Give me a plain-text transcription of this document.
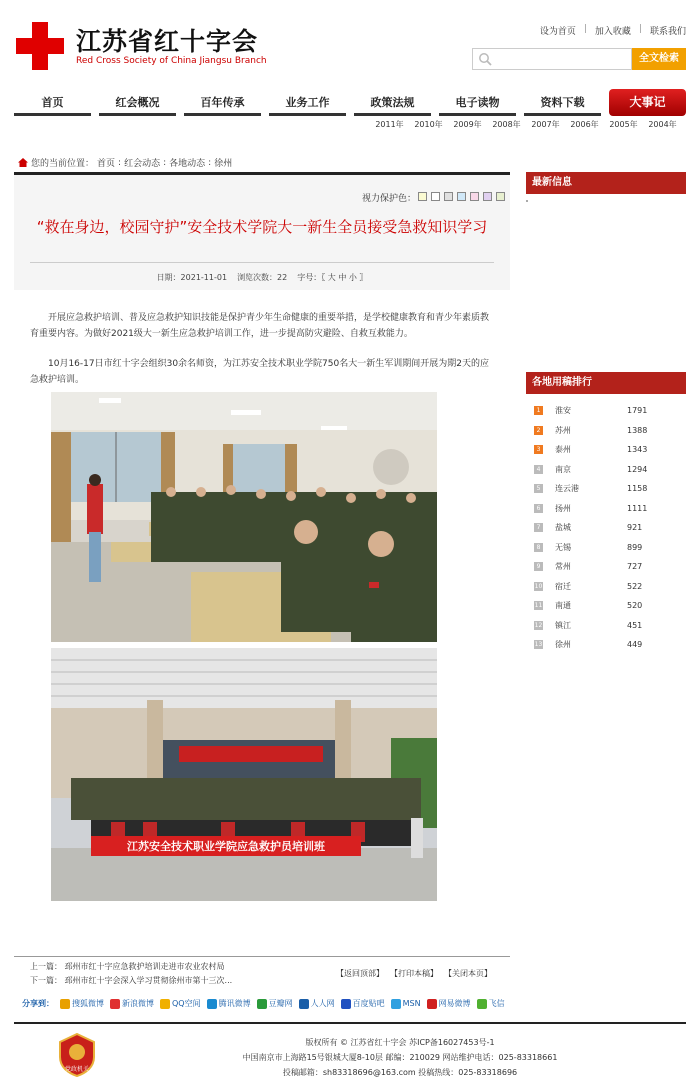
江苏省红十字会
Red Cross Society of China Jiangsu Branch
设为首页 | 加入收藏 | 联系我们
全文检索
首页	红会概况	百年传承	业务工作	政策法规	电子读物	资料下载	大事记
2011年	2010年	2009年	2008年	2007年	2006年	2005年	2004年
您的当前位置： 首页 : 红会动态 : 各地动态 : 徐州
视力保护色：
“救在身边，校园守护”安全技术学院大一新生全员接受急救知识学习
日期：2021-11-01 浏览次数：22 字号：〖 大 中 小 〗

开展应急救护培训、普及应急救护知识技能是保护青少年生命健康的重要举措，是学校健康教育和青少年素质教育重要内容。为做好2021级大一新生应急救护培训工作，进一步提高防灾避险、自救互救能力。

10月16-17日市红十字会组织30余名师资，为江苏安全技术职业学院750名大一新生军训期间开展为期2天的应急救护培训。

江苏安全技术职业学院应急救护员培训班
上一篇： 邳州市红十字应急救护培训走进市农业农村局
下一篇： 邳州市红十字会深入学习贯彻徐州市第十三次...
【返回顶部】 【打印本稿】 【关闭本页】
分享到： 搜狐微博 新浪微博 QQ空间 腾讯微博 豆瓣网 人人网 百度贴吧 MSN 网易微博 飞信
党政机关
版权所有 © 江苏省红十字会 苏ICP备16027453号-1
中国南京市上海路15号银城大厦8-10层 邮编：210029 网站维护电话：025-83318661
投稿邮箱：sh83318696@163.com 投稿热线：025-83318696
最新信息
各地用稿排行
1	淮安	1791
2	苏州	1388
3	泰州	1343
4	南京	1294
5	连云港	1158
6	扬州	1111
7	盐城	921
8	无锡	899
9	常州	727
10 宿迁	522
11 南通	520
12 镇江	451
13 徐州	449
